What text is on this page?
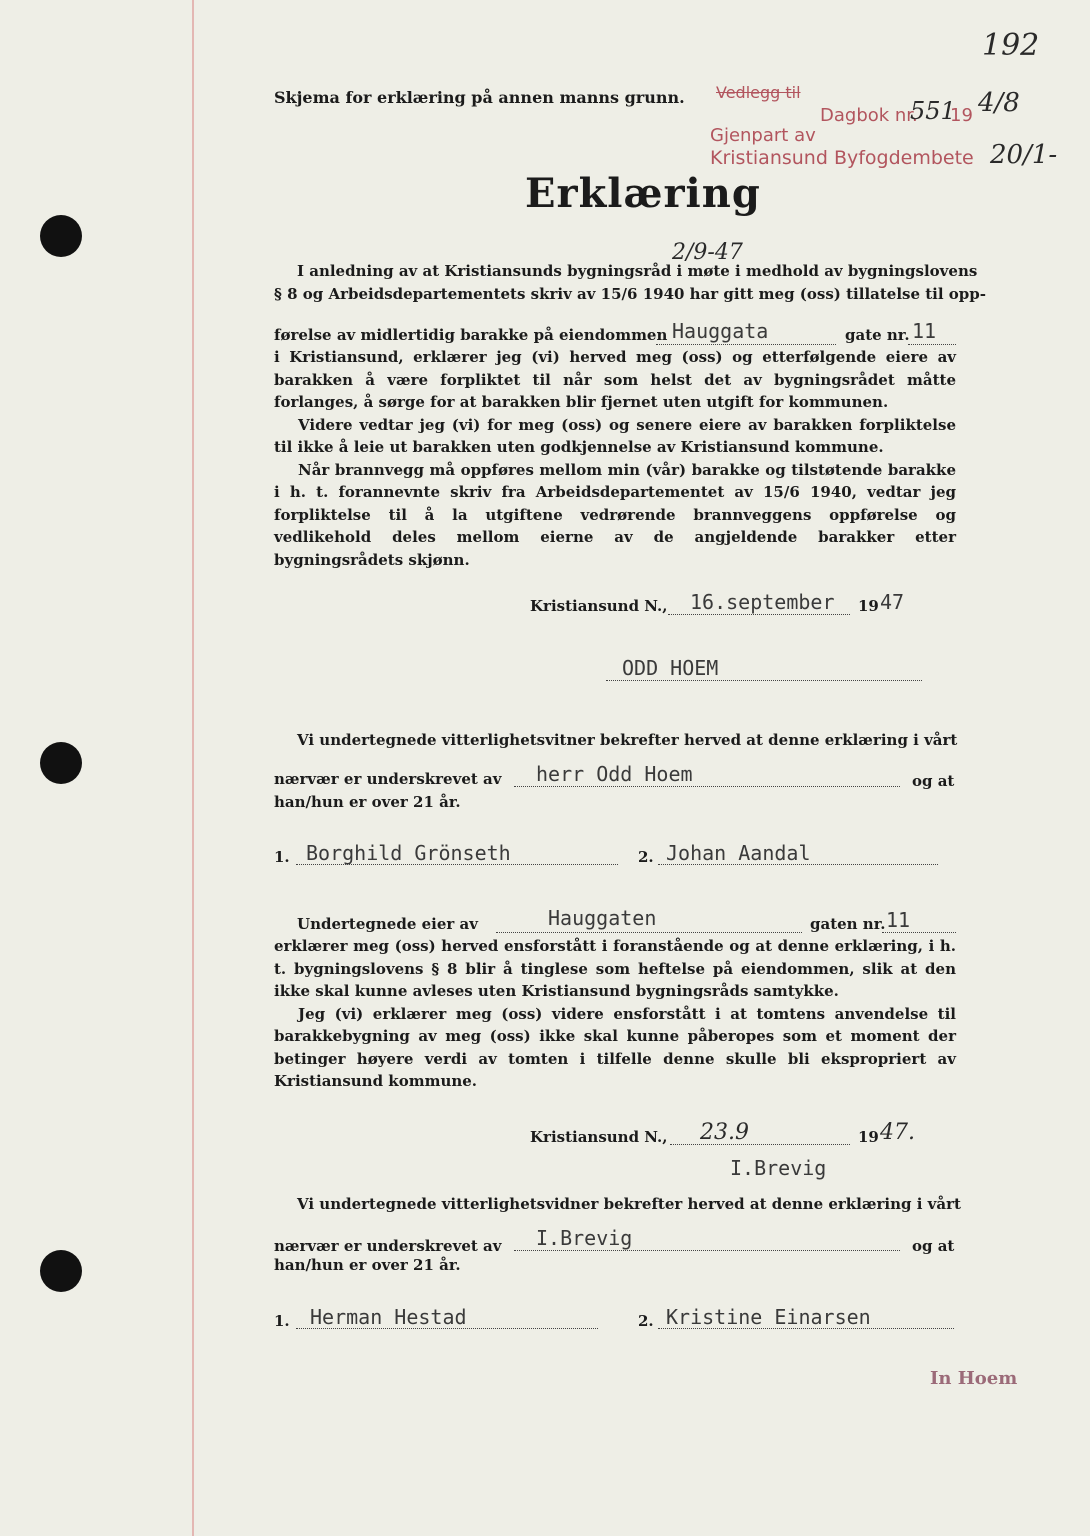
192
Skjema for erklæring på annen manns grunn. Vedlegg til
Dagbok nr.
551
19 4/8
Gjenpart av
Kristiansund Byfogdembete 20/1-
Erklæring
2/9-47
I anledning av at Kristiansunds bygningsråd i møte i medhold av bygningslovens
§ 8 og Arbeidsdepartementets skriv av 15/6 1940 har gitt meg (oss) tillatelse til opp-
førelse av midlertidig barakke på eiendommen Hauggata	gate nr. 11

i Kristiansund, erklærer jeg (vi) herved meg (oss) og etterfølgende eiere av barakken å være forpliktet til når som helst det av bygningsrådet måtte forlanges, å sørge for at barakken blir fjernet uten utgift for kommunen.

Videre vedtar jeg (vi) for meg (oss) og senere eiere av barakken forpliktelse til ikke å leie ut barakken uten godkjennelse av Kristiansund kommune.

Når brannvegg må oppføres mellom min (vår) barakke og tilstøtende barakke i h. t. forannevnte skriv fra Arbeidsdepartementet av 15/6 1940, vedtar jeg forpliktelse til å la utgiftene vedrørende brannveggens oppførelse og vedlikehold deles mellom eierne av de angjeldende barakker etter bygningsrådets skjønn.

Kristiansund N., 16.september 19 47
ODD HOEM
Vi undertegnede vitterlighetsvitner bekrefter herved at denne erklæring i vårt
nærvær er underskrevet av herr Odd Hoem	og at
han/hun er over 21 år.
1. Borghild Grönseth	2. Johan Aandal
Undertegnede eier av	Hauggaten	gaten nr. 11

erklærer meg (oss) herved ensforstått i foranstående og at denne erklæring, i h. t. bygningslovens § 8 blir å tinglese som heftelse på eiendommen, slik at den ikke skal kunne avleses uten Kristiansund bygningsråds samtykke.

Jeg (vi) erklærer meg (oss) videre ensforstått i at tomtens anvendelse til barakkebygning av meg (oss) ikke skal kunne påberopes som et moment der betinger høyere verdi av tomten i tilfelle denne skulle bli ekspropriert av Kristiansund kommune.

Kristiansund N., 23.9	19 47.
I.Brevig
Vi undertegnede vitterlighetsvidner bekrefter herved at denne erklæring i vårt
nærvær er underskrevet av I.Brevig	og at
han/hun er over 21 år.
1. Herman Hestad	2. Kristine Einarsen
In Hoem
